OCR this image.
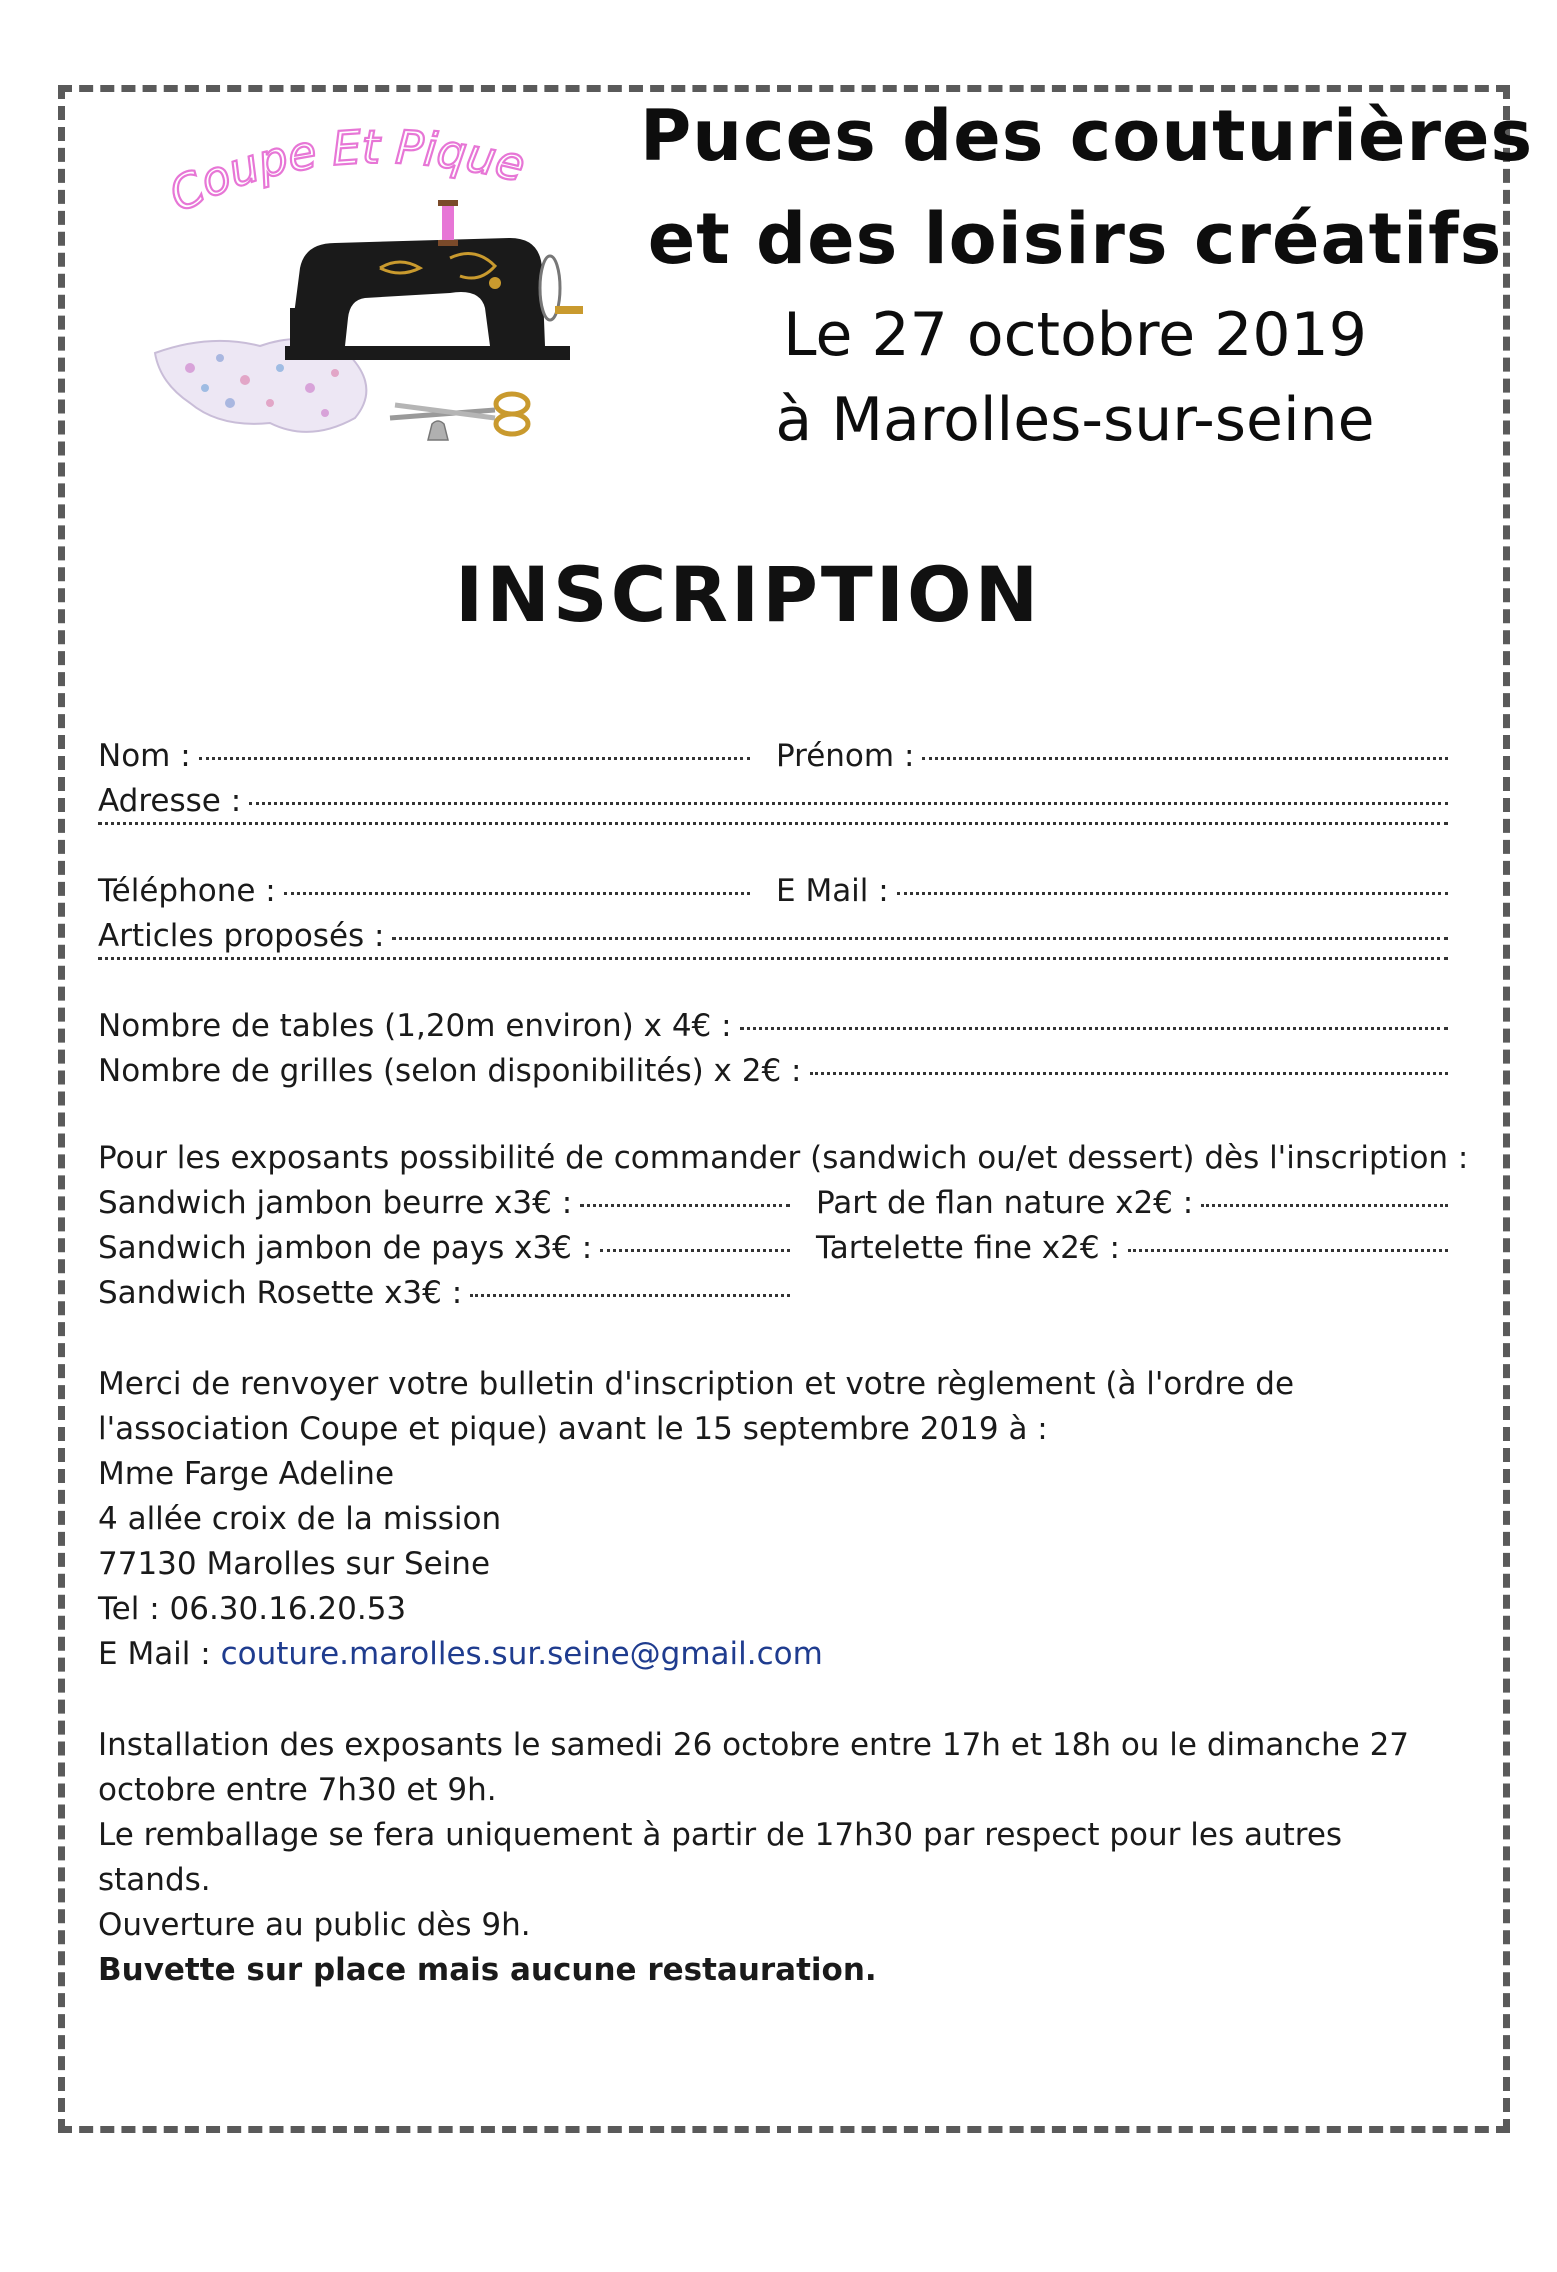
Coupe Et Pique Puces des couturières
et des loisirs créatifs
Le 27 octobre 2019
à Marolles-sur-seine
INSCRIPTION
Nom :	Prénom :
Adresse :
Téléphone :	E Mail :
Articles proposés :
Nombre de tables (1,20m environ) x 4€ :
Nombre de grilles (selon disponibilités) x 2€ :
Pour les exposants possibilité de commander (sandwich ou/et dessert) dès l'inscription :
Sandwich jambon beurre x3€ :	Part de flan nature x2€ :
Sandwich jambon de pays x3€ :	Tartelette fine x2€ :
Sandwich Rosette x3€ :
Merci de renvoyer votre bulletin d'inscription et votre règlement (à l'ordre de
l'association Coupe et pique) avant le 15 septembre 2019 à :
Mme Farge Adeline
4 allée croix de la mission
77130 Marolles sur Seine
Tel : 06.30.16.20.53
E Mail : couture.marolles.sur.seine@gmail.com
Installation des exposants le samedi 26 octobre entre 17h et 18h ou le dimanche 27
octobre entre 7h30 et 9h.
Le remballage se fera uniquement à partir de 17h30 par respect pour les autres
stands.
Ouverture au public dès 9h.
Buvette sur place mais aucune restauration.
